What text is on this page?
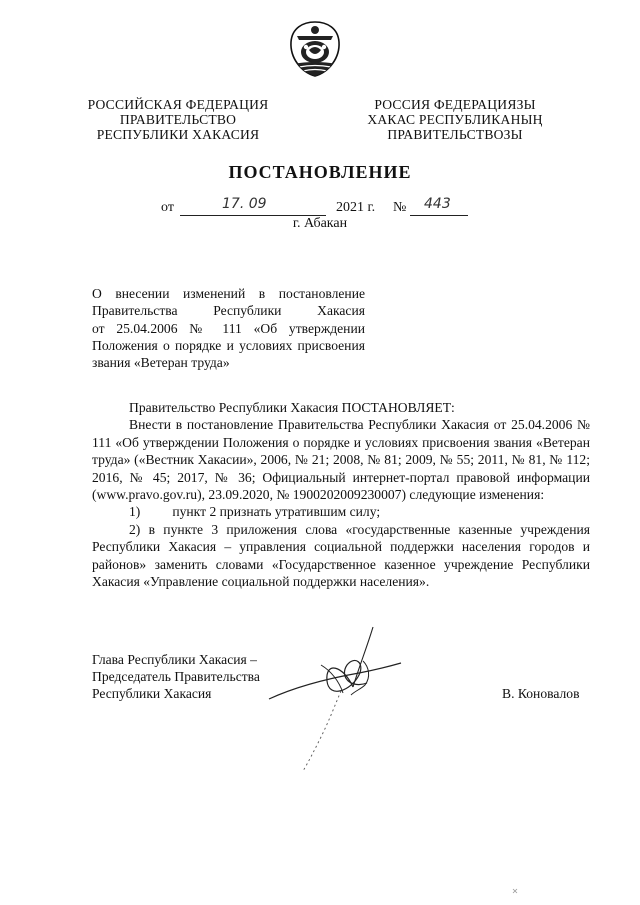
РОССИЙСКАЯ ФЕДЕРАЦИЯ
ПРАВИТЕЛЬСТВО
РЕСПУБЛИКИ ХАКАСИЯ
РОССИЯ ФЕДЕРАЦИЯЗЫ
ХАКАС РЕСПУБЛИКАНЫҢ
ПРАВИТЕЛЬСТВОЗЫ
ПОСТАНОВЛЕНИЕ
от	17. 09	2021 г. № 443
г. Абакан
О внесении изменений в постановление
Правительства Республики Хакасия
от 25.04.2006 № 111 «Об утверждении
Положения о порядке и условиях присвоения
звания «Ветеран труда»

Правительство Республики Хакасия ПОСТАНОВЛЯЕТ:

Внести в постановление Правительства Республики Хакасия от 25.04.2006 № 111 «Об утверждении Положения о порядке и условиях присвоения звания «Ветеран труда» («Вестник Хакасии», 2006, № 21; 2008, № 81; 2009, № 55; 2011, № 81, № 112; 2016, № 45; 2017, № 36; Официальный интернет-портал правовой информации (www.pravo.gov.ru), 23.09.2020, № 1900202009230007) следующие изменения:

1) пункт 2 признать утратившим силу;

2) в пункте 3 приложения слова «государственные казенные учреждения Республики Хакасия – управления социальной поддержки населения городов и районов» заменить словами «Государственное казенное учреждение Республики Хакасия «Управление социальной поддержки населения».

Глава Республики Хакасия –
Председатель Правительства
Республики Хакасия	В. Коновалов
